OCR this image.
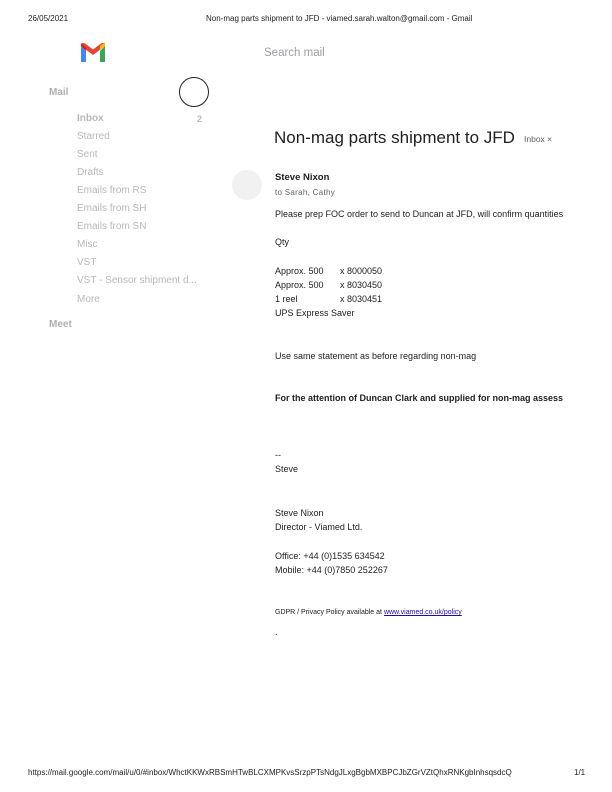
26/05/2021	Non-mag parts shipment to JFD - viamed.sarah.walton@gmail.com - Gmail
Search mail
Mail
Inbox	2
Starred
Sent
Drafts
Emails from RS
Emails from SH
Emails from SN
Misc
VST
VST - Sensor shipment d...
More
Meet
Non-mag parts shipment to JFD Inbox ×
Steve Nixon
to Sarah, Cathy
Please prep FOC order to send to Duncan at JFD, will confirm quantities
Qty
Approx. 500 x 8000050
Approx. 500 x 8030450
1 reel	x 8030451
UPS Express Saver
Use same statement as before regarding non-mag
For the attention of Duncan Clark and supplied for non-mag assess
--
Steve
Steve Nixon
Director - Viamed Ltd.
Office: +44 (0)1535 634542
Mobile: +44 (0)7850 252267
GDPR / Privacy Policy available at www.viamed.co.uk/policy
.
https://mail.google.com/mail/u/0/#inbox/WhctKKWxRBSmHTwBLCXMPKvsSrzpPTsNdgJLxgBgbMXBPCJbZGrVZtQhxRNKgbInhsqsdcQ	1/1
